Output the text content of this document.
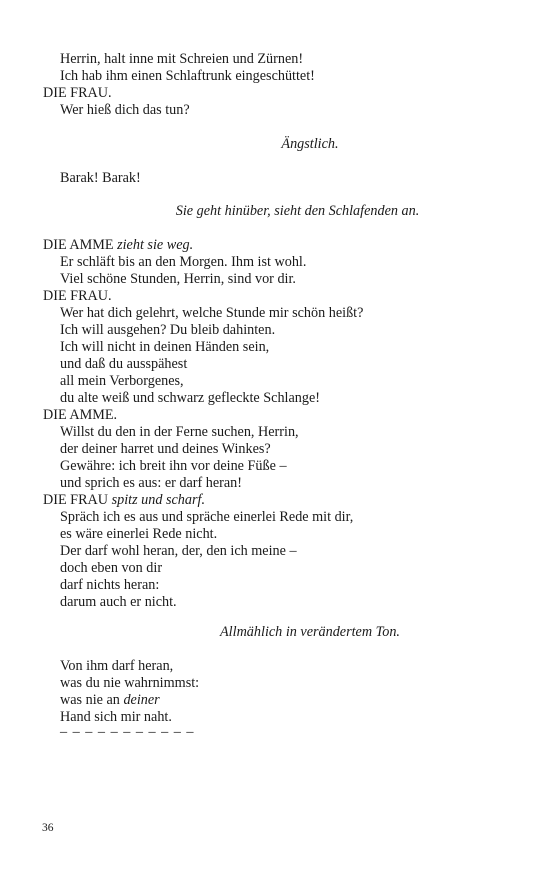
Herrin, halt inne mit Schreien und Zürnen!
Ich hab ihm einen Schlaftrunk eingeschüttet!
DIE FRAU.
Wer hieß dich das tun?
Ängstlich.
Barak! Barak!
Sie geht hinüber, sieht den Schlafenden an.
DIE AMME zieht sie weg.
Er schläft bis an den Morgen. Ihm ist wohl.
Viel schöne Stunden, Herrin, sind vor dir.
DIE FRAU.
Wer hat dich gelehrt, welche Stunde mir schön heißt?
Ich will ausgehen? Du bleib dahinten.
Ich will nicht in deinen Händen sein,
und daß du ausspähest
all mein Verborgenes,
du alte weiß und schwarz gefleckte Schlange!
DIE AMME.
Willst du den in der Ferne suchen, Herrin,
der deiner harret und deines Winkes?
Gewähre: ich breit ihn vor deine Füße –
und sprich es aus: er darf heran!
DIE FRAU spitz und scharf.
Spräch ich es aus und spräche einerlei Rede mit dir,
es wäre einerlei Rede nicht.
Der darf wohl heran, der, den ich meine –
doch eben von dir
darf nichts heran:
darum auch er nicht.
Allmählich in verändertem Ton.
Von ihm darf heran,
was du nie wahrnimmst:
was nie an deiner
Hand sich mir naht.
– – – – – – – – – – –
36
